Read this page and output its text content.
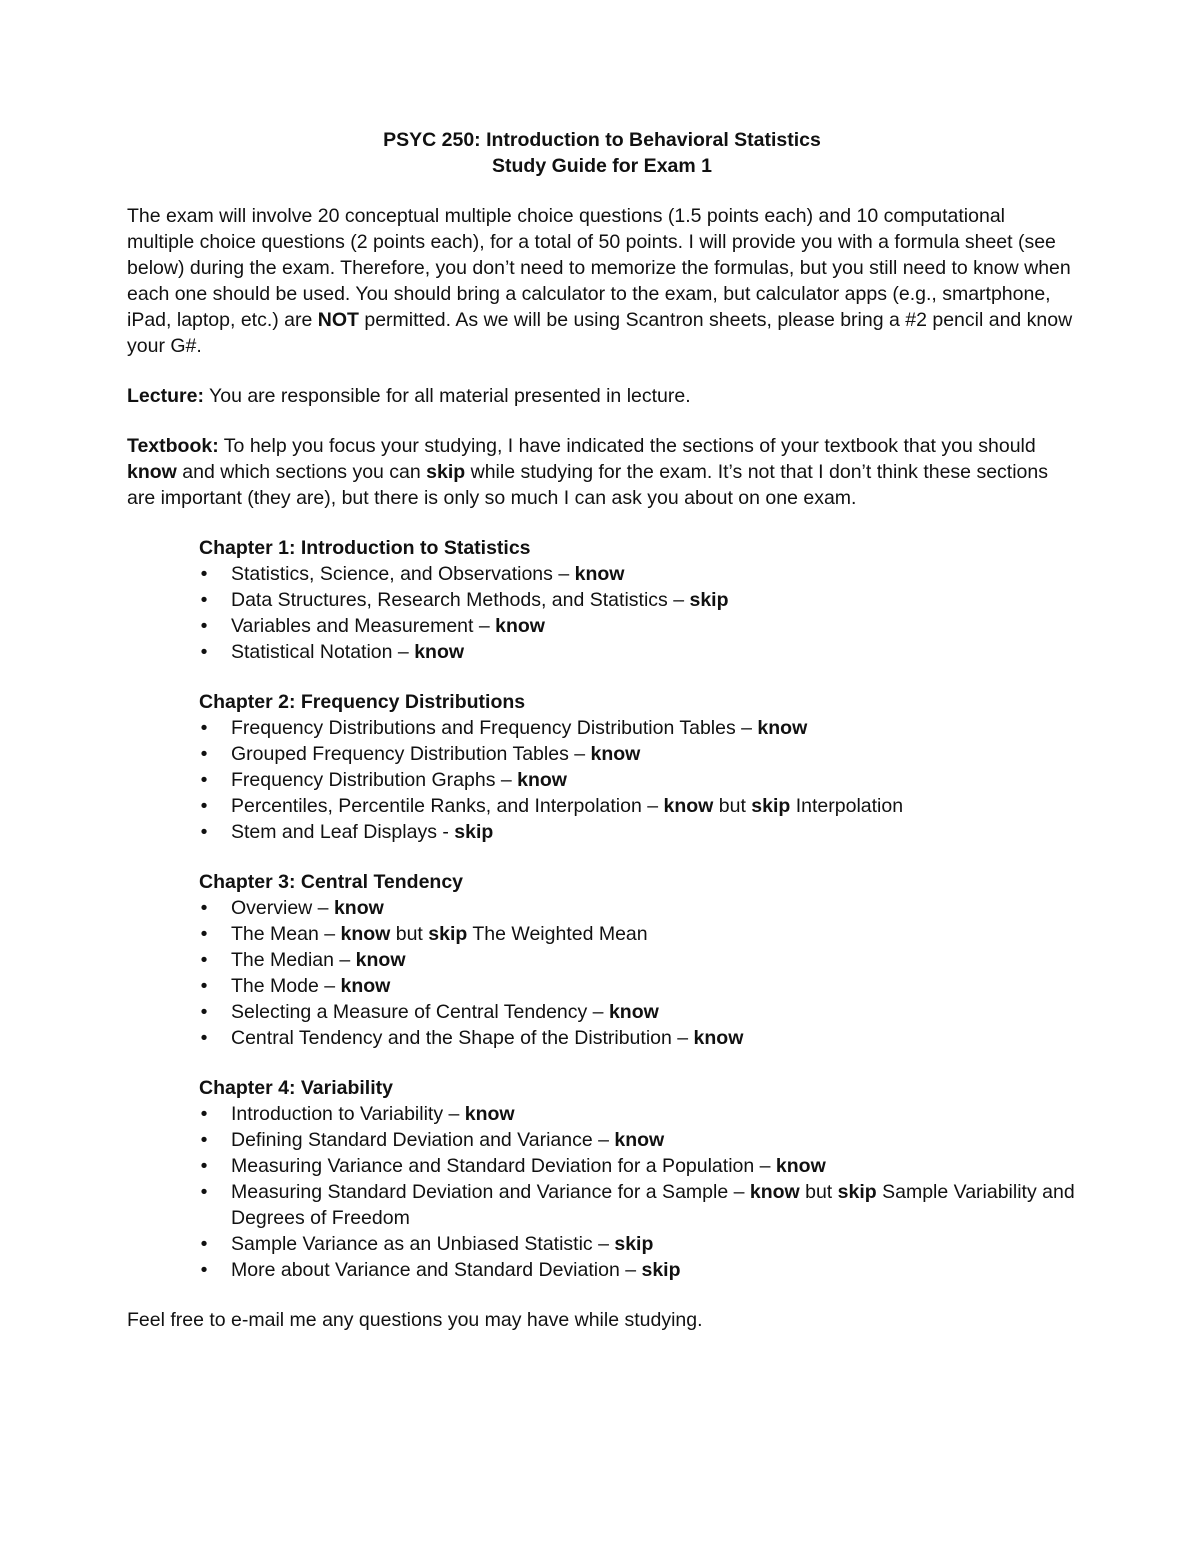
PSYC 250: Introduction to Behavioral Statistics
Study Guide for Exam 1

The exam will involve 20 conceptual multiple choice questions (1.5 points each) and 10 computational multiple choice questions (2 points each), for a total of 50 points. I will provide you with a formula sheet (see below) during the exam. Therefore, you don’t need to memorize the formulas, but you still need to know when each one should be used. You should bring a calculator to the exam, but calculator apps (e.g., smartphone, iPad, laptop, etc.) are NOT permitted. As we will be using Scantron sheets, please bring a #2 pencil and know your G#.

Lecture: You are responsible for all material presented in lecture.

Textbook: To help you focus your studying, I have indicated the sections of your textbook that you should know and which sections you can skip while studying for the exam. It’s not that I don’t think these sections are important (they are), but there is only so much I can ask you about on one exam.

Chapter 1: Introduction to Statistics
• Statistics, Science, and Observations – know
• Data Structures, Research Methods, and Statistics – skip
• Variables and Measurement – know
• Statistical Notation – know
Chapter 2: Frequency Distributions
• Frequency Distributions and Frequency Distribution Tables – know
• Grouped Frequency Distribution Tables – know
• Frequency Distribution Graphs – know
• Percentiles, Percentile Ranks, and Interpolation – know but skip Interpolation
• Stem and Leaf Displays - skip
Chapter 3: Central Tendency
• Overview – know
• The Mean – know but skip The Weighted Mean
• The Median – know
• The Mode – know
• Selecting a Measure of Central Tendency – know
• Central Tendency and the Shape of the Distribution – know
Chapter 4: Variability
• Introduction to Variability – know
• Defining Standard Deviation and Variance – know
• Measuring Variance and Standard Deviation for a Population – know
• Measuring Standard Deviation and Variance for a Sample – know but skip Sample Variability and Degrees of Freedom
• Sample Variance as an Unbiased Statistic – skip
• More about Variance and Standard Deviation – skip

Feel free to e-mail me any questions you may have while studying.
